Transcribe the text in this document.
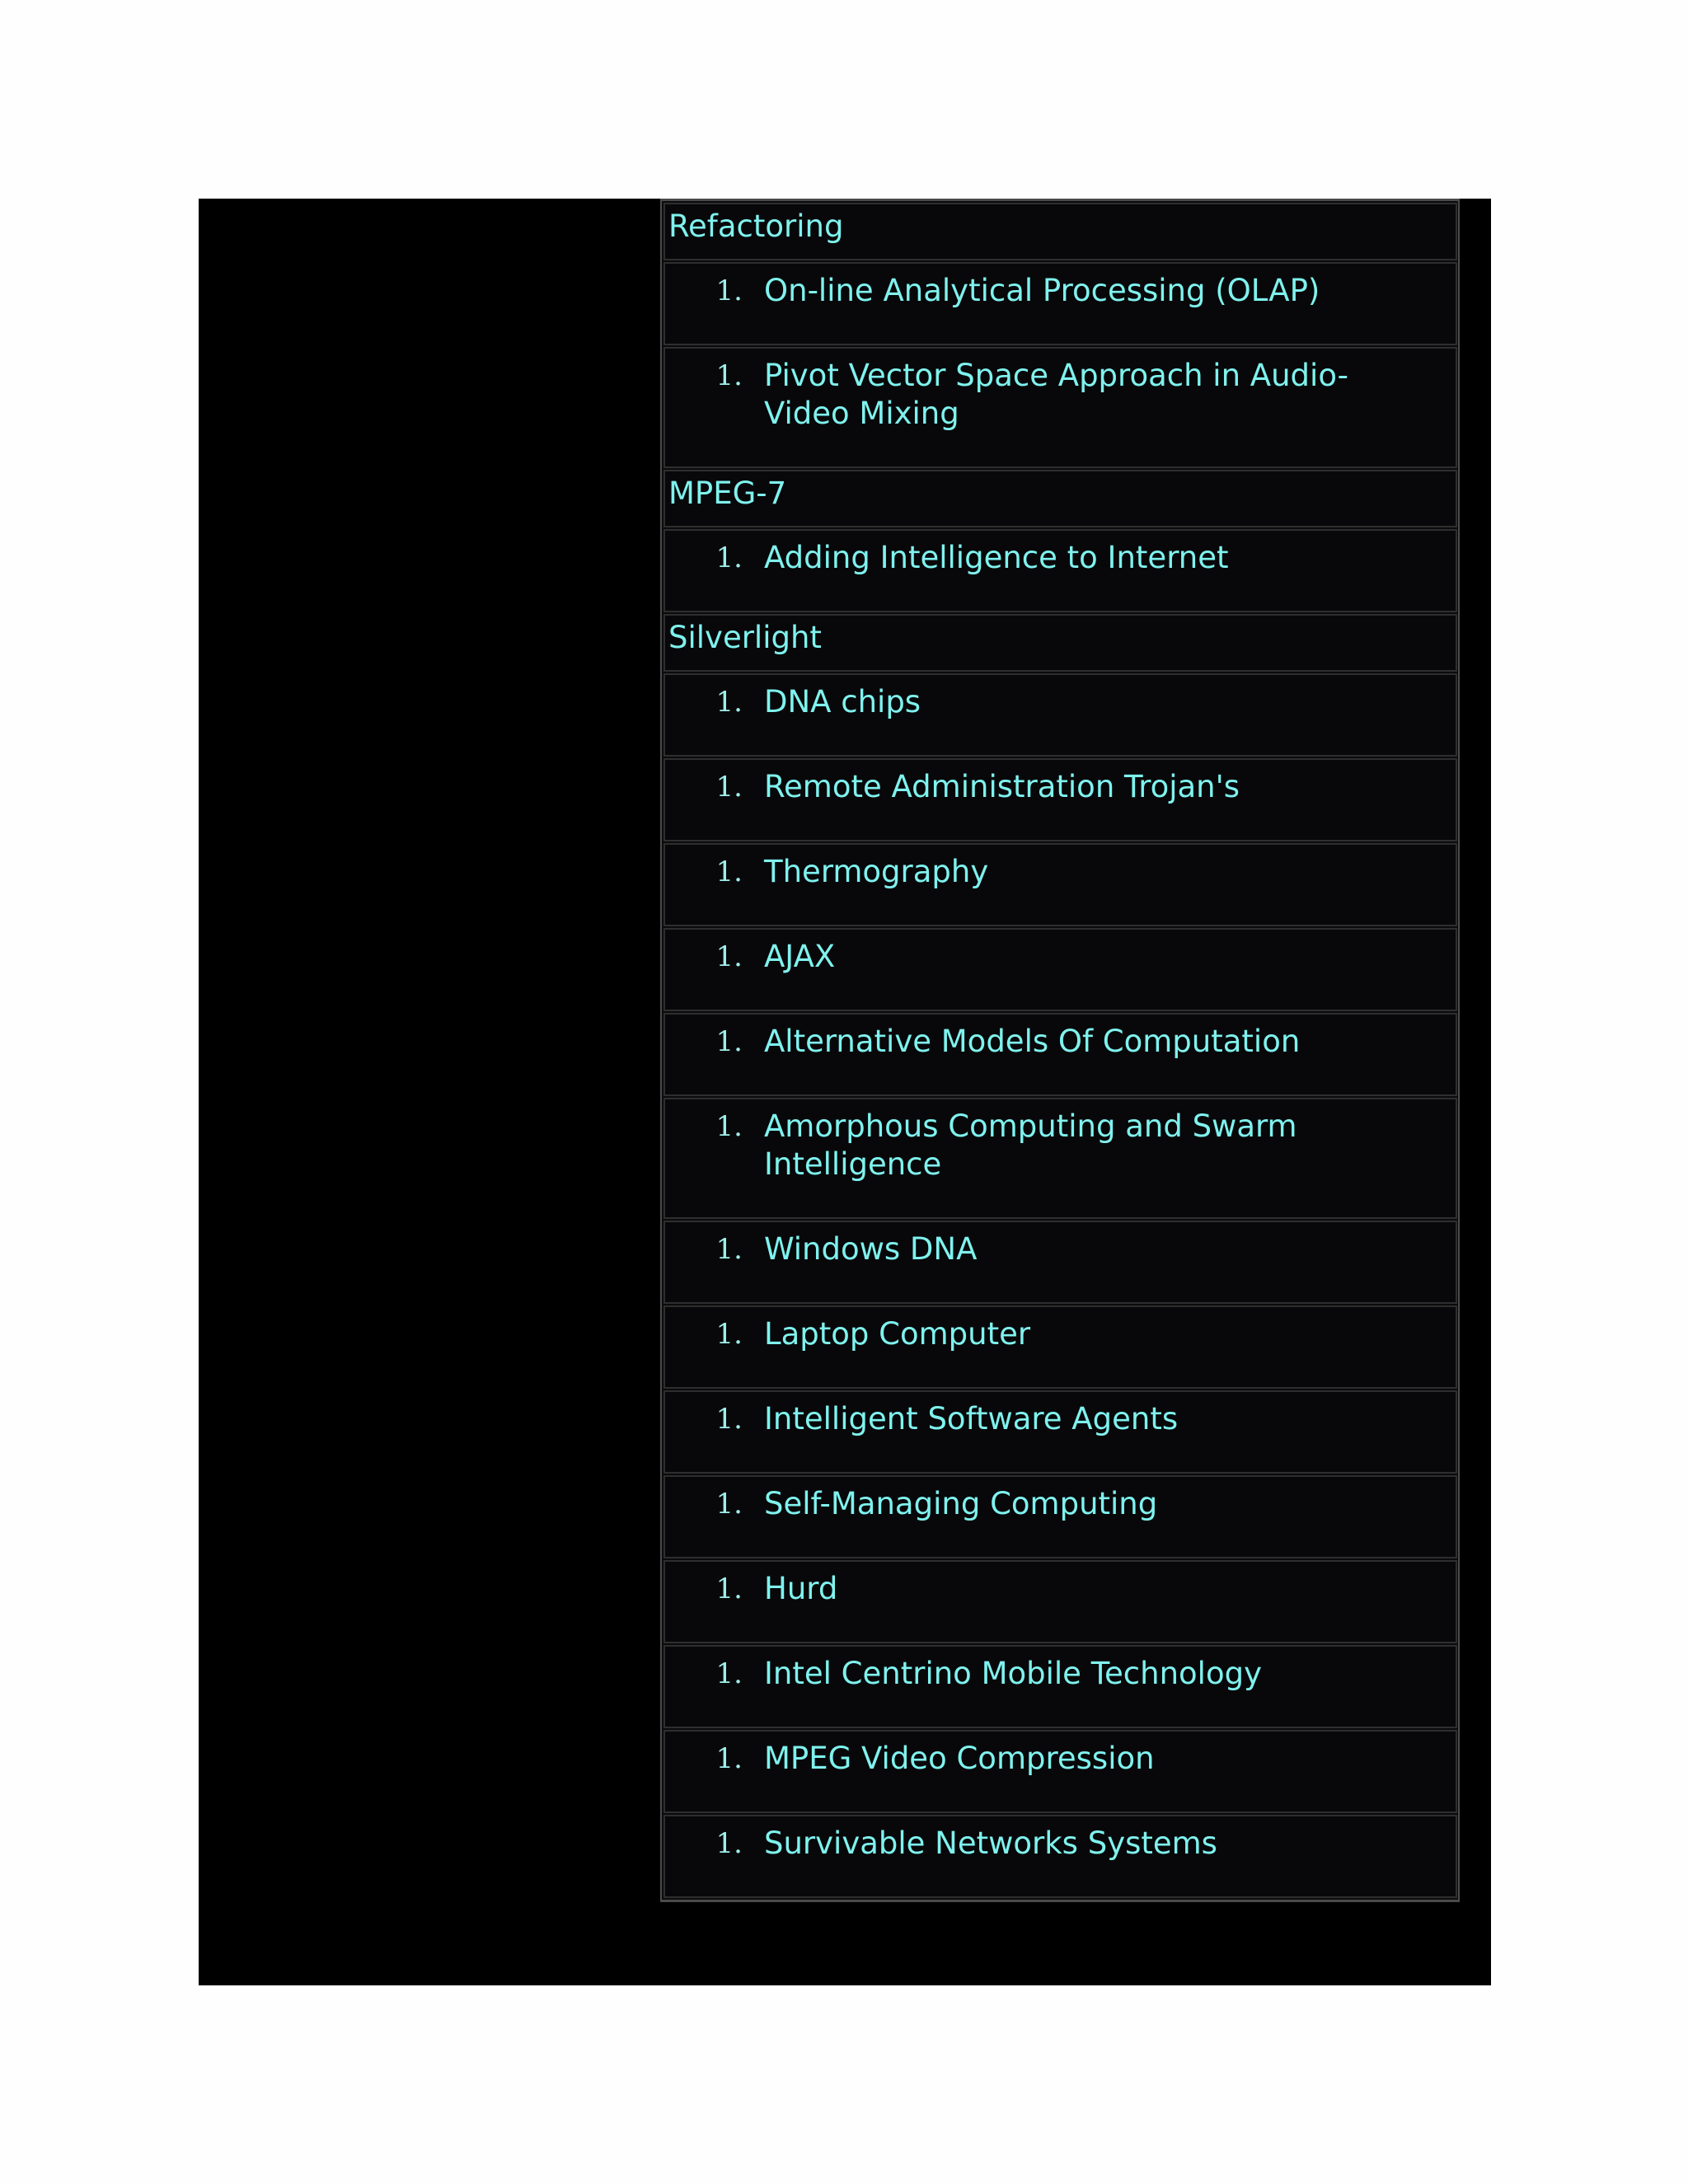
Refactoring
1. On-line Analytical Processing (OLAP)
1. Pivot Vector Space Approach in Audio-Video Mixing
MPEG-7
1. Adding Intelligence to Internet
Silverlight
1. DNA chips
1. Remote Administration Trojan's
1. Thermography
1. AJAX
1. Alternative Models Of Computation
1. Amorphous Computing and Swarm Intelligence
1. Windows DNA
1. Laptop Computer
1. Intelligent Software Agents
1. Self-Managing Computing
1. Hurd
1. Intel Centrino Mobile Technology
1. MPEG Video Compression
1. Survivable Networks Systems
